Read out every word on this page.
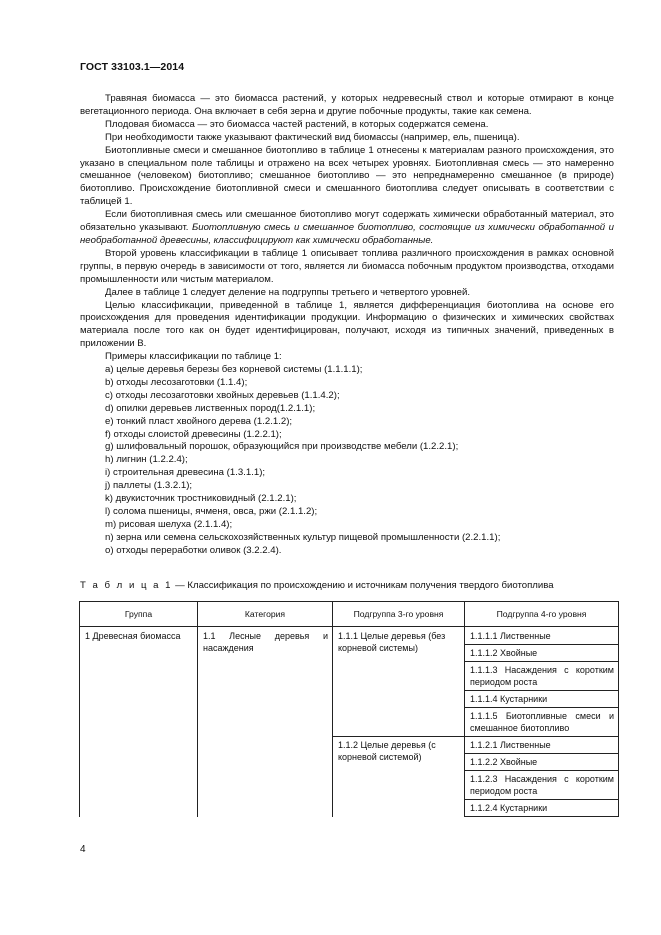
ГОСТ 33103.1—2014

Травяная биомасса — это биомасса растений, у которых недревесный ствол и которые отмирают в конце вегетационного периода. Она включает в себя зерна и другие побочные продукты, такие как семена.

Плодовая биомасса — это биомасса частей растений, в которых содержатся семена.

При необходимости также указывают фактический вид биомассы (например, ель, пшеница).

Биотопливные смеси и смешанное биотопливо в таблице 1 отнесены к материалам разного происхождения, это указано в специальном поле таблицы и отражено на всех четырех уровнях. Биотопливная смесь — это намеренно смешанное (человеком) биотопливо; смешанное биотопливо — это непреднамеренно смешанное (в природе) биотопливо. Происхождение биотопливной смеси и смешанного биотоплива следует описывать в соответствии с таблицей 1.

Если биотопливная смесь или смешанное биотопливо могут содержать химически обработанный материал, это обязательно указывают. Биотопливную смесь и смешанное биотопливо, состоящие из химически обработанной и необработанной древесины, классифицируют как химически обработанные.

Второй уровень классификации в таблице 1 описывает топлива различного происхождения в рамках основной группы, в первую очередь в зависимости от того, является ли биомасса побочным продуктом производства, отходами промышленности или чистым материалом.

Далее в таблице 1 следует деление на подгруппы третьего и четвертого уровней.

Целью классификации, приведенной в таблице 1, является дифференциация биотоплива на основе его происхождения для проведения идентификации продукции. Информацию о физических и химических свойствах материала после того как он будет идентифицирован, получают, исходя из типичных значений, приведенных в приложении В.

Примеры классификации по таблице 1:

a) целые деревья березы без корневой системы (1.1.1.1);
b) отходы лесозаготовки (1.1.4);
c) отходы лесозаготовки хвойных деревьев (1.1.4.2);
d) опилки деревьев лиственных пород(1.2.1.1);
e) тонкий пласт хвойного дерева (1.2.1.2);
f) отходы слоистой древесины (1.2.2.1);
g) шлифовальный порошок, образующийся при производстве мебели (1.2.2.1);
h) лигнин (1.2.2.4);
i) строительная древесина (1.3.1.1);
j) паллеты (1.3.2.1);
k) двукисточник тростниковидный (2.1.2.1);
l) солома пшеницы, ячменя, овса, ржи (2.1.1.2);
m) рисовая шелуха (2.1.1.4);
n) зерна или семена сельскохозяйственных культур пищевой промышленности (2.2.1.1);
o) отходы переработки оливок (3.2.2.4).
Т а б л и ц а 1 — Классификация по происхождению и источникам получения твердого биотоплива
Группа	Категория	Подгруппа 3-го уровня	Подгруппа 4-го уровня
1 Древесная биомасса	1.1 Лесные деревья и насаждения	1.1.1 Целые деревья (без корневой системы)	1.1.1.1 Лиственные
			1.1.1.2 Хвойные
			1.1.1.3 Насаждения с коротким периодом роста
			1.1.1.4 Кустарники
			1.1.1.5 Биотопливные смеси и смешанное биотопливо
		1.1.2 Целые деревья (с корневой системой)	1.1.2.1 Лиственные
			1.1.2.2 Хвойные
			1.1.2.3 Насаждения с коротким периодом роста
			1.1.2.4 Кустарники
4
